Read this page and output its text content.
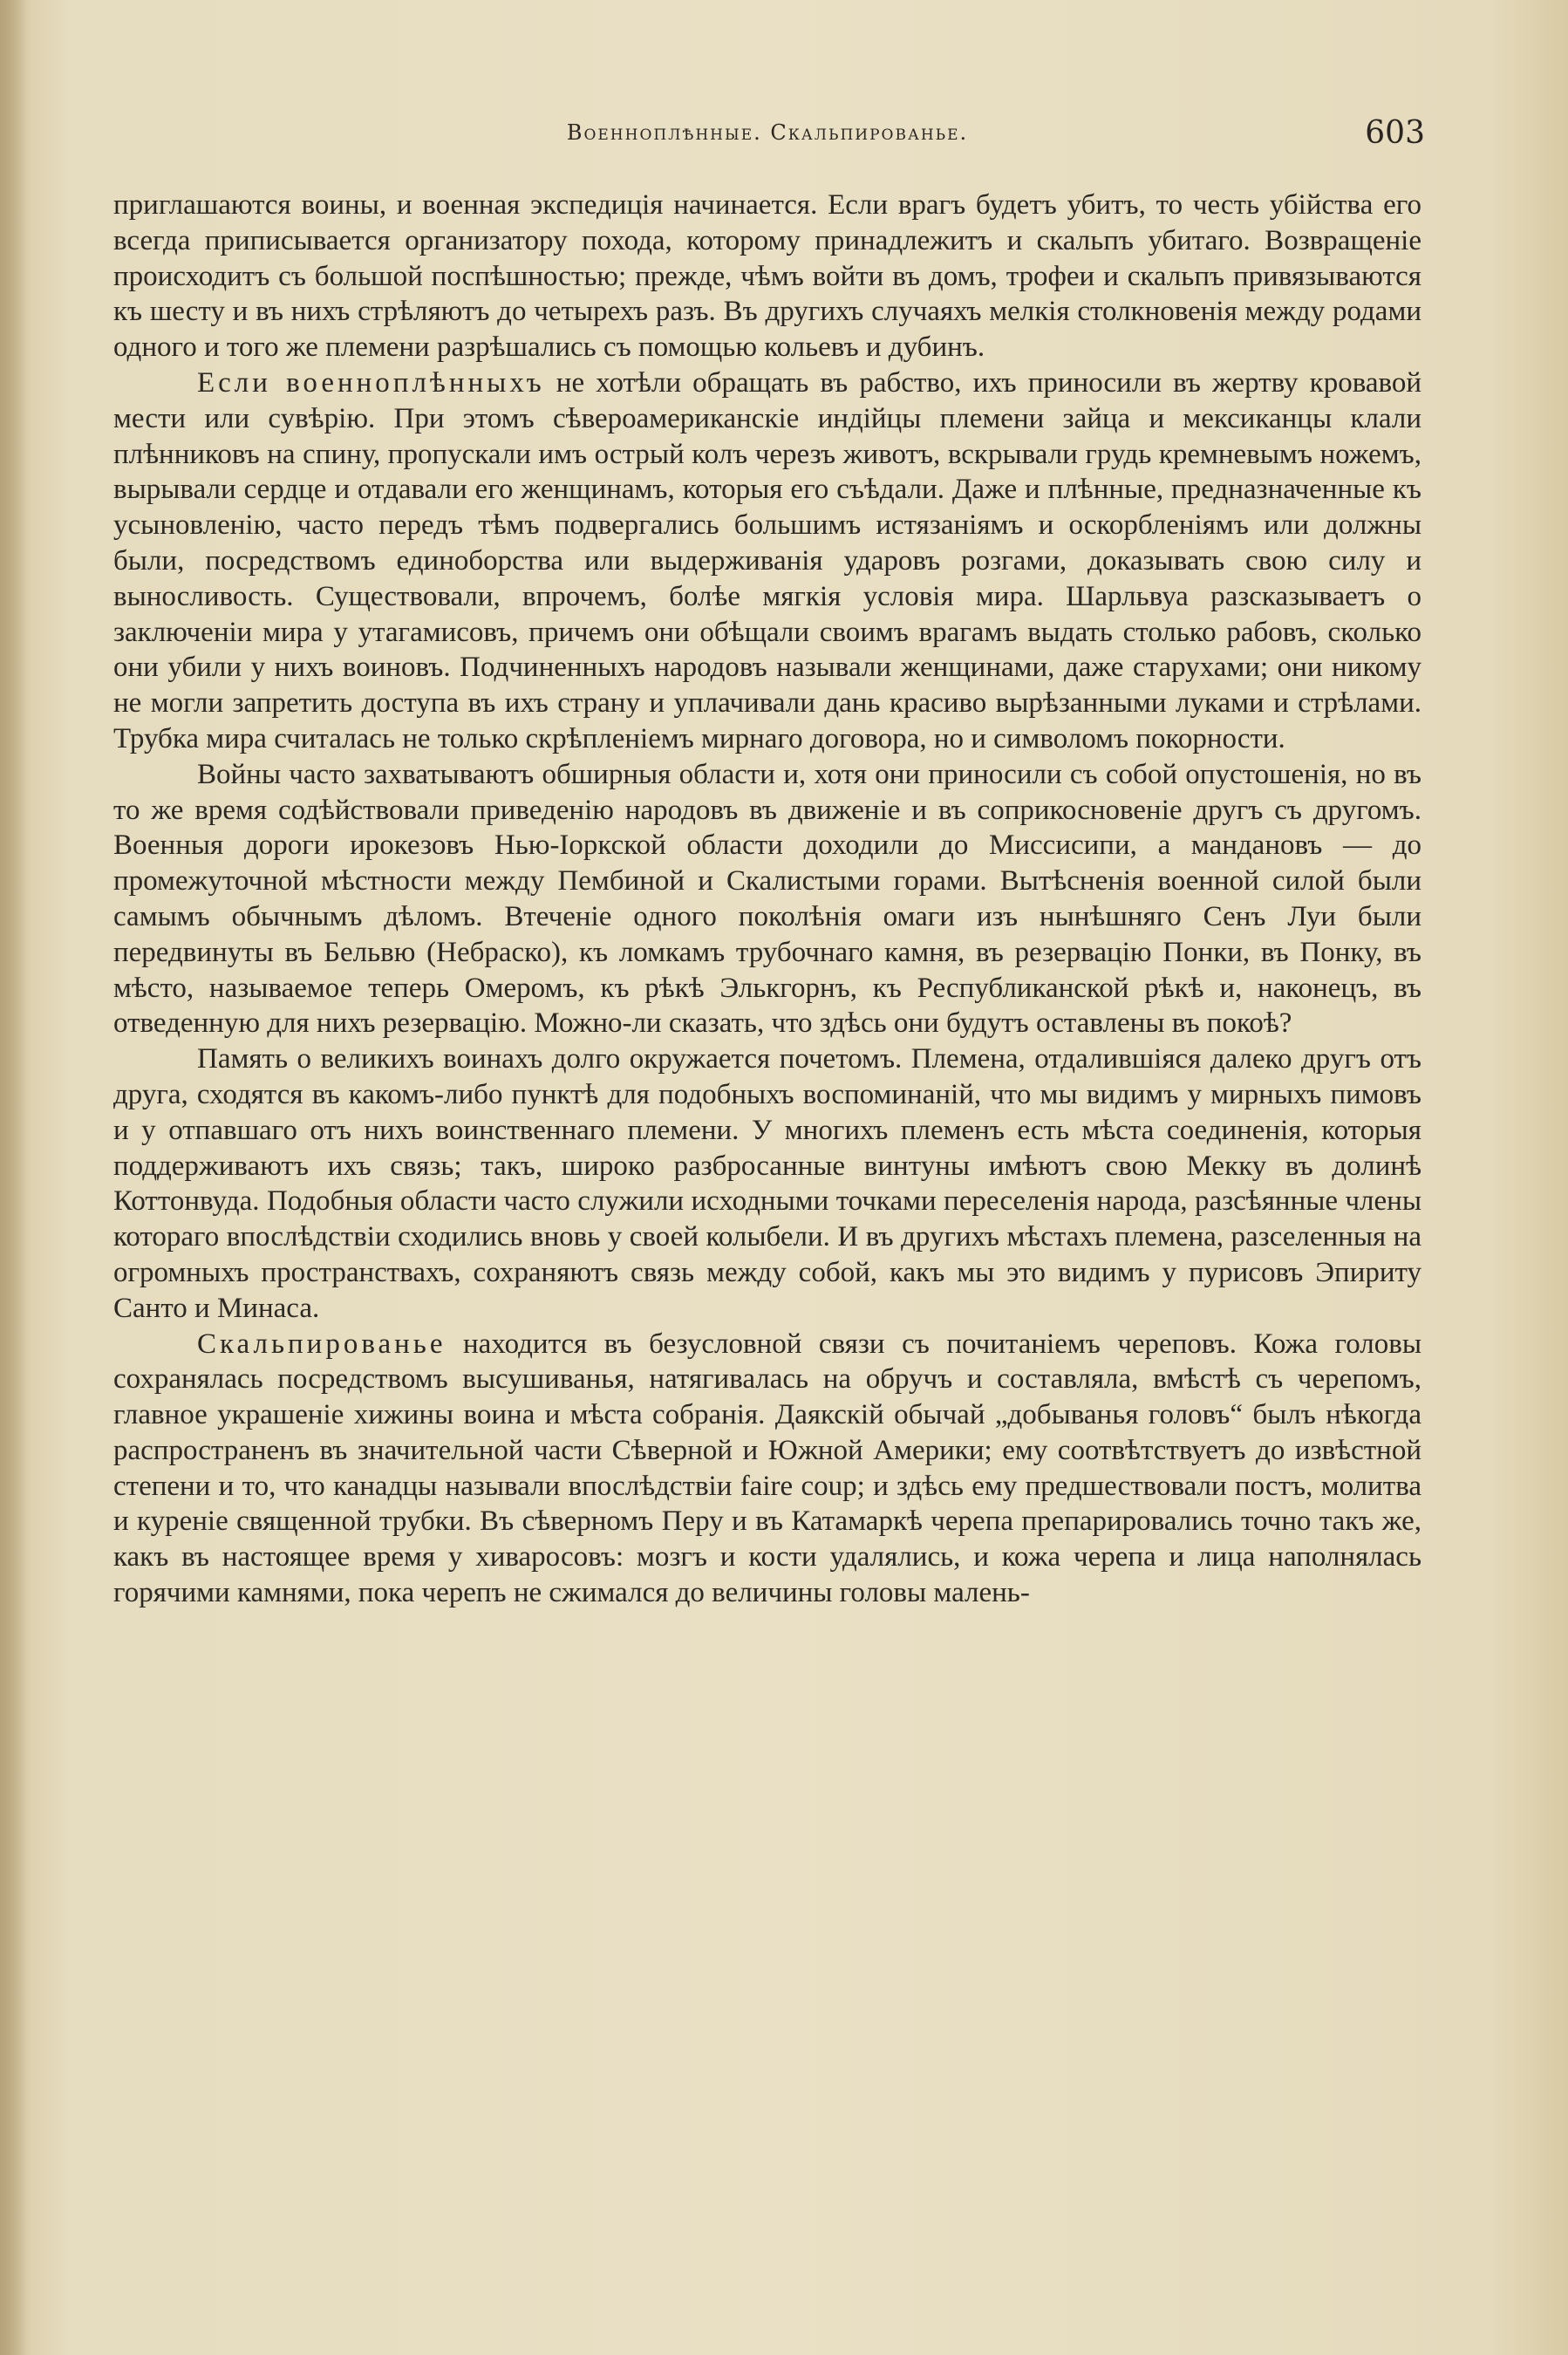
Военноплѣнные. Скальпированье.	603

приглашаются воины, и военная экспедиція начинается. Если врагъ будетъ убитъ, то честь убійства его всегда приписывается организатору похода, которому принадлежитъ и скальпъ убитаго. Возвращеніе происходитъ съ большой поспѣшностью; прежде, чѣмъ войти въ домъ, трофеи и скальпъ привязываются къ шесту и въ нихъ стрѣляютъ до четырехъ разъ. Въ другихъ случаяхъ мелкія столкновенія между родами одного и того же племени разрѣшались съ помощью кольевъ и дубинъ.

Если военноплѣнныхъ не хотѣли обращать въ рабство, ихъ приносили въ жертву кровавой мести или сувѣрію. При этомъ сѣвероамериканскіе индійцы племени зайца и мексиканцы клали плѣнниковъ на спину, пропускали имъ острый колъ черезъ животъ, вскрывали грудь кремневымъ ножемъ, вырывали сердце и отдавали его женщинамъ, которыя его съѣдали. Даже и плѣнные, предназначенные къ усыновленію, часто передъ тѣмъ подвергались большимъ истязаніямъ и оскорбленіямъ или должны были, посредствомъ единоборства или выдерживанія ударовъ розгами, доказывать свою силу и выносливость. Существовали, впрочемъ, болѣе мягкія условія мира. Шарльвуа разсказываетъ о заключеніи мира у утагамисовъ, причемъ они обѣщали своимъ врагамъ выдать столько рабовъ, сколько они убили у нихъ воиновъ. Подчиненныхъ народовъ называли женщинами, даже старухами; они никому не могли запретить доступа въ ихъ страну и уплачивали дань красиво вырѣзанными луками и стрѣлами. Трубка мира считалась не только скрѣпленіемъ мирнаго договора, но и символомъ покорности.

Войны часто захватываютъ обширныя области и, хотя они приносили съ собой опустошенія, но въ то же время содѣйствовали приведенію народовъ въ движеніе и въ соприкосновеніе другъ съ другомъ. Военныя дороги ирокезовъ Нью-Іоркской области доходили до Миссисипи, а мандановъ — до промежуточной мѣстности между Пембиной и Скалистыми горами. Вытѣсненія военной силой были самымъ обычнымъ дѣломъ. Втеченіе одного поколѣнія омаги изъ нынѣшняго Сенъ Луи были передвинуты въ Бельвю (Небраско), къ ломкамъ трубочнаго камня, въ резервацію Понки, въ Понку, въ мѣсто, называемое теперь Омеромъ, къ рѣкѣ Элькгорнъ, къ Республиканской рѣкѣ и, наконецъ, въ отведенную для нихъ резервацію. Можно-ли сказать, что здѣсь они будутъ оставлены въ покоѣ?

Память о великихъ воинахъ долго окружается почетомъ. Племена, отдалившіяся далеко другъ отъ друга, сходятся въ какомъ-либо пунктѣ для подобныхъ воспоминаній, что мы видимъ у мирныхъ пимовъ и у отпавшаго отъ нихъ воинственнаго племени. У многихъ племенъ есть мѣста соединенія, которыя поддерживаютъ ихъ связь; такъ, широко разбросанные винтуны имѣютъ свою Мекку въ долинѣ Коттонвуда. Подобныя области часто служили исходными точками переселенія народа, разсѣянные члены котораго впослѣдствіи сходились вновь у своей колыбели. И въ другихъ мѣстахъ племена, разселенныя на огромныхъ пространствахъ, сохраняютъ связь между собой, какъ мы это видимъ у пурисовъ Эпириту Санто и Минаса.

Скальпированье находится въ безусловной связи съ почитаніемъ череповъ. Кожа головы сохранялась посредствомъ высушиванья, натягивалась на обручъ и составляла, вмѣстѣ съ черепомъ, главное украшеніе хижины воина и мѣста собранія. Даякскій обычай „добыванья головъ“ былъ нѣкогда распространенъ въ значительной части Сѣверной и Южной Америки; ему соотвѣтствуетъ до извѣстной степени и то, что канадцы называли впослѣдствіи faire coup; и здѣсь ему предшествовали постъ, молитва и куреніе священной трубки. Въ сѣверномъ Перу и въ Катамаркѣ черепа препарировались точно такъ же, какъ въ настоящее время у хиваросовъ: мозгъ и кости удалялись, и кожа черепа и лица наполнялась горячими камнями, пока черепъ не сжимался до величины головы малень-
